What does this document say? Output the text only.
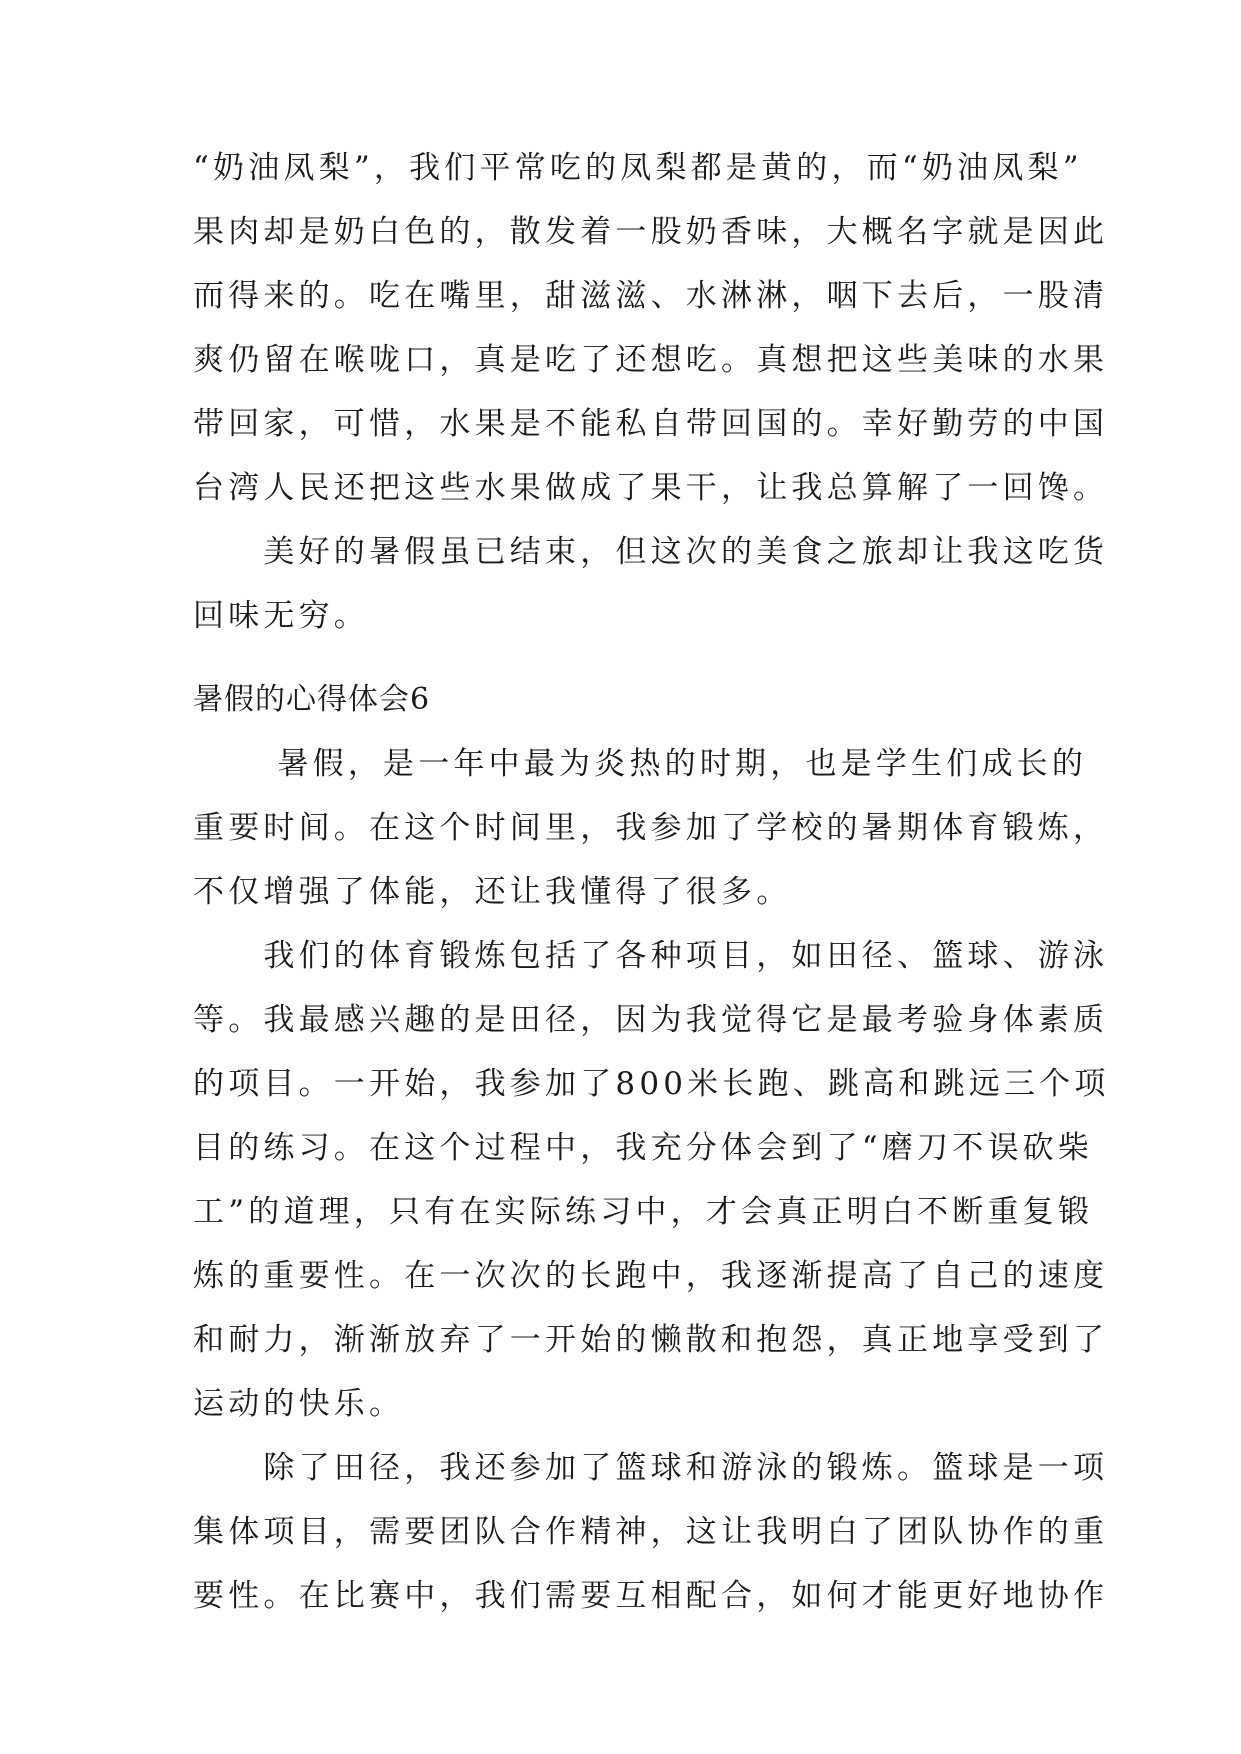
“奶油凤梨”，我们平常吃的凤梨都是黄的，而“奶油凤梨”
果肉却是奶白色的，散发着一股奶香味，大概名字就是因此
而得来的。吃在嘴里，甜滋滋、水淋淋，咽下去后，一股清
爽仍留在喉咙口，真是吃了还想吃。真想把这些美味的水果
带回家，可惜，水果是不能私自带回国的。幸好勤劳的中国
台湾人民还把这些水果做成了果干，让我总算解了一回馋。
　　美好的暑假虽已结束，但这次的美食之旅却让我这吃货
回味无穷。
暑假的心得体会6
　　 暑假，是一年中最为炎热的时期，也是学生们成长的
重要时间。在这个时间里，我参加了学校的暑期体育锻炼，
不仅增强了体能，还让我懂得了很多。
　　我们的体育锻炼包括了各种项目，如田径、篮球、游泳
等。我最感兴趣的是田径，因为我觉得它是最考验身体素质
的项目。一开始，我参加了800米长跑、跳高和跳远三个项
目的练习。在这个过程中，我充分体会到了“磨刀不误砍柴
工”的道理，只有在实际练习中，才会真正明白不断重复锻
炼的重要性。在一次次的长跑中，我逐渐提高了自己的速度
和耐力，渐渐放弃了一开始的懒散和抱怨，真正地享受到了
运动的快乐。
　　除了田径，我还参加了篮球和游泳的锻炼。篮球是一项
集体项目，需要团队合作精神，这让我明白了团队协作的重
要性。在比赛中，我们需要互相配合，如何才能更好地协作
